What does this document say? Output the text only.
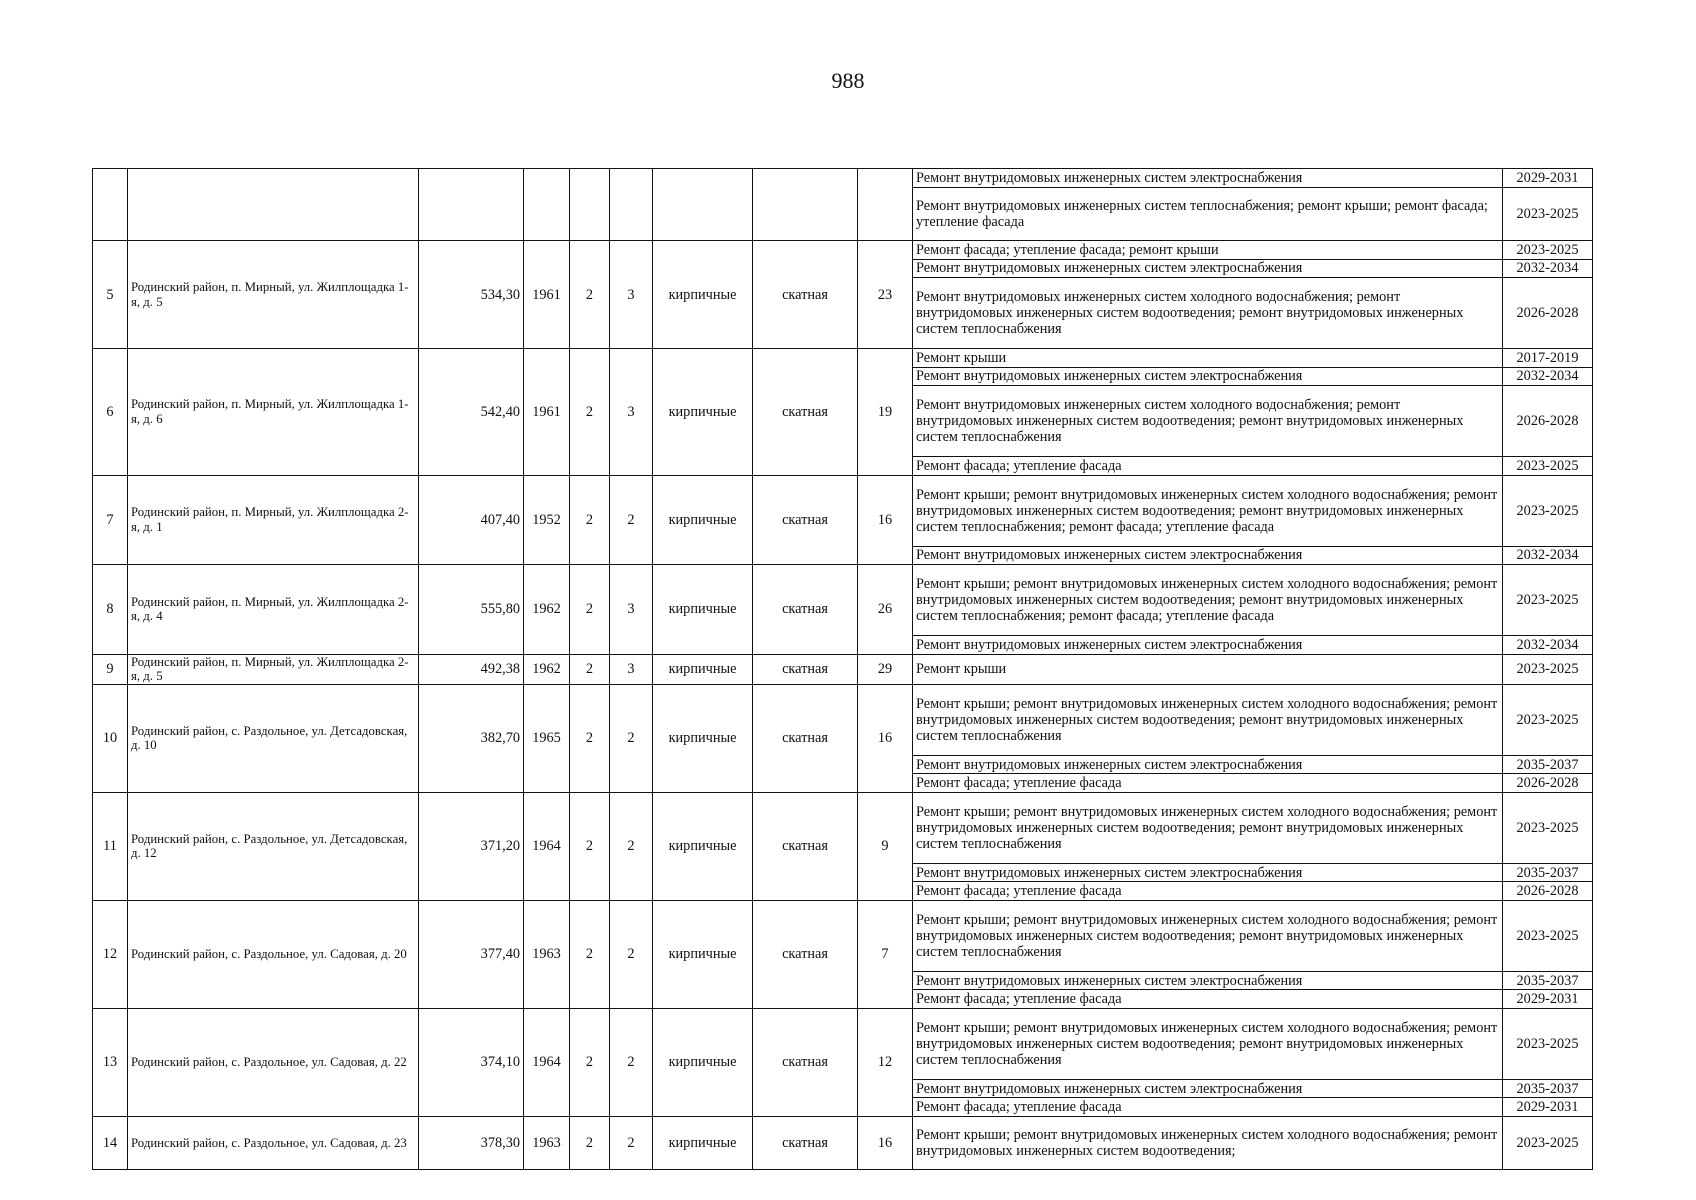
988
									Ремонт внутридомовых инженерных систем электроснабжения	2029-2031
									Ремонт внутридомовых инженерных систем теплоснабжения; ремонт крыши; ремонт фасада; утепление фасада	2023-2025
5	Родинский район, п. Мирный, ул. Жилплощадка 1-я, д. 5	534,30	1961	2	3	кирпичные	скатная	23	Ремонт фасада; утепление фасада; ремонт крыши	2023-2025
									Ремонт внутридомовых инженерных систем электроснабжения	2032-2034
									Ремонт внутридомовых инженерных систем холодного водоснабжения; ремонт внутридомовых инженерных систем водоотведения; ремонт внутридомовых инженерных систем теплоснабжения	2026-2028
6	Родинский район, п. Мирный, ул. Жилплощадка 1-я, д. 6	542,40	1961	2	3	кирпичные	скатная	19	Ремонт крыши	2017-2019
									Ремонт внутридомовых инженерных систем электроснабжения	2032-2034
									Ремонт внутридомовых инженерных систем холодного водоснабжения; ремонт внутридомовых инженерных систем водоотведения; ремонт внутридомовых инженерных систем теплоснабжения	2026-2028
									Ремонт фасада; утепление фасада	2023-2025
7	Родинский район, п. Мирный, ул. Жилплощадка 2-я, д. 1	407,40	1952	2	2	кирпичные	скатная	16	Ремонт крыши; ремонт внутридомовых инженерных систем холодного водоснабжения; ремонт внутридомовых инженерных систем водоотведения; ремонт внутридомовых инженерных систем теплоснабжения; ремонт фасада; утепление фасада	2023-2025
									Ремонт внутридомовых инженерных систем электроснабжения	2032-2034
8	Родинский район, п. Мирный, ул. Жилплощадка 2-я, д. 4	555,80	1962	2	3	кирпичные	скатная	26	Ремонт крыши; ремонт внутридомовых инженерных систем холодного водоснабжения; ремонт внутридомовых инженерных систем водоотведения; ремонт внутридомовых инженерных систем теплоснабжения; ремонт фасада; утепление фасада	2023-2025
									Ремонт внутридомовых инженерных систем электроснабжения	2032-2034
9	Родинский район, п. Мирный, ул. Жилплощадка 2-я, д. 5	492,38	1962	2	3	кирпичные	скатная	29	Ремонт крыши	2023-2025
10	Родинский район, с. Раздольное, ул. Детсадовская, д. 10	382,70	1965	2	2	кирпичные	скатная	16	Ремонт крыши; ремонт внутридомовых инженерных систем холодного водоснабжения; ремонт внутридомовых инженерных систем водоотведения; ремонт внутридомовых инженерных систем теплоснабжения	2023-2025
									Ремонт внутридомовых инженерных систем электроснабжения	2035-2037
									Ремонт фасада; утепление фасада	2026-2028
11	Родинский район, с. Раздольное, ул. Детсадовская, д. 12	371,20	1964	2	2	кирпичные	скатная	9	Ремонт крыши; ремонт внутридомовых инженерных систем холодного водоснабжения; ремонт внутридомовых инженерных систем водоотведения; ремонт внутридомовых инженерных систем теплоснабжения	2023-2025
									Ремонт внутридомовых инженерных систем электроснабжения	2035-2037
									Ремонт фасада; утепление фасада	2026-2028
12	Родинский район, с. Раздольное, ул. Садовая, д. 20	377,40	1963	2	2	кирпичные	скатная	7	Ремонт крыши; ремонт внутридомовых инженерных систем холодного водоснабжения; ремонт внутридомовых инженерных систем водоотведения; ремонт внутридомовых инженерных систем теплоснабжения	2023-2025
									Ремонт внутридомовых инженерных систем электроснабжения	2035-2037
									Ремонт фасада; утепление фасада	2029-2031
13	Родинский район, с. Раздольное, ул. Садовая, д. 22	374,10	1964	2	2	кирпичные	скатная	12	Ремонт крыши; ремонт внутридомовых инженерных систем холодного водоснабжения; ремонт внутридомовых инженерных систем водоотведения; ремонт внутридомовых инженерных систем теплоснабжения	2023-2025
									Ремонт внутридомовых инженерных систем электроснабжения	2035-2037
									Ремонт фасада; утепление фасада	2029-2031
14	Родинский район, с. Раздольное, ул. Садовая, д. 23	378,30	1963	2	2	кирпичные	скатная	16	Ремонт крыши; ремонт внутридомовых инженерных систем холодного водоснабжения; ремонт внутридомовых инженерных систем водоотведения;	2023-2025
